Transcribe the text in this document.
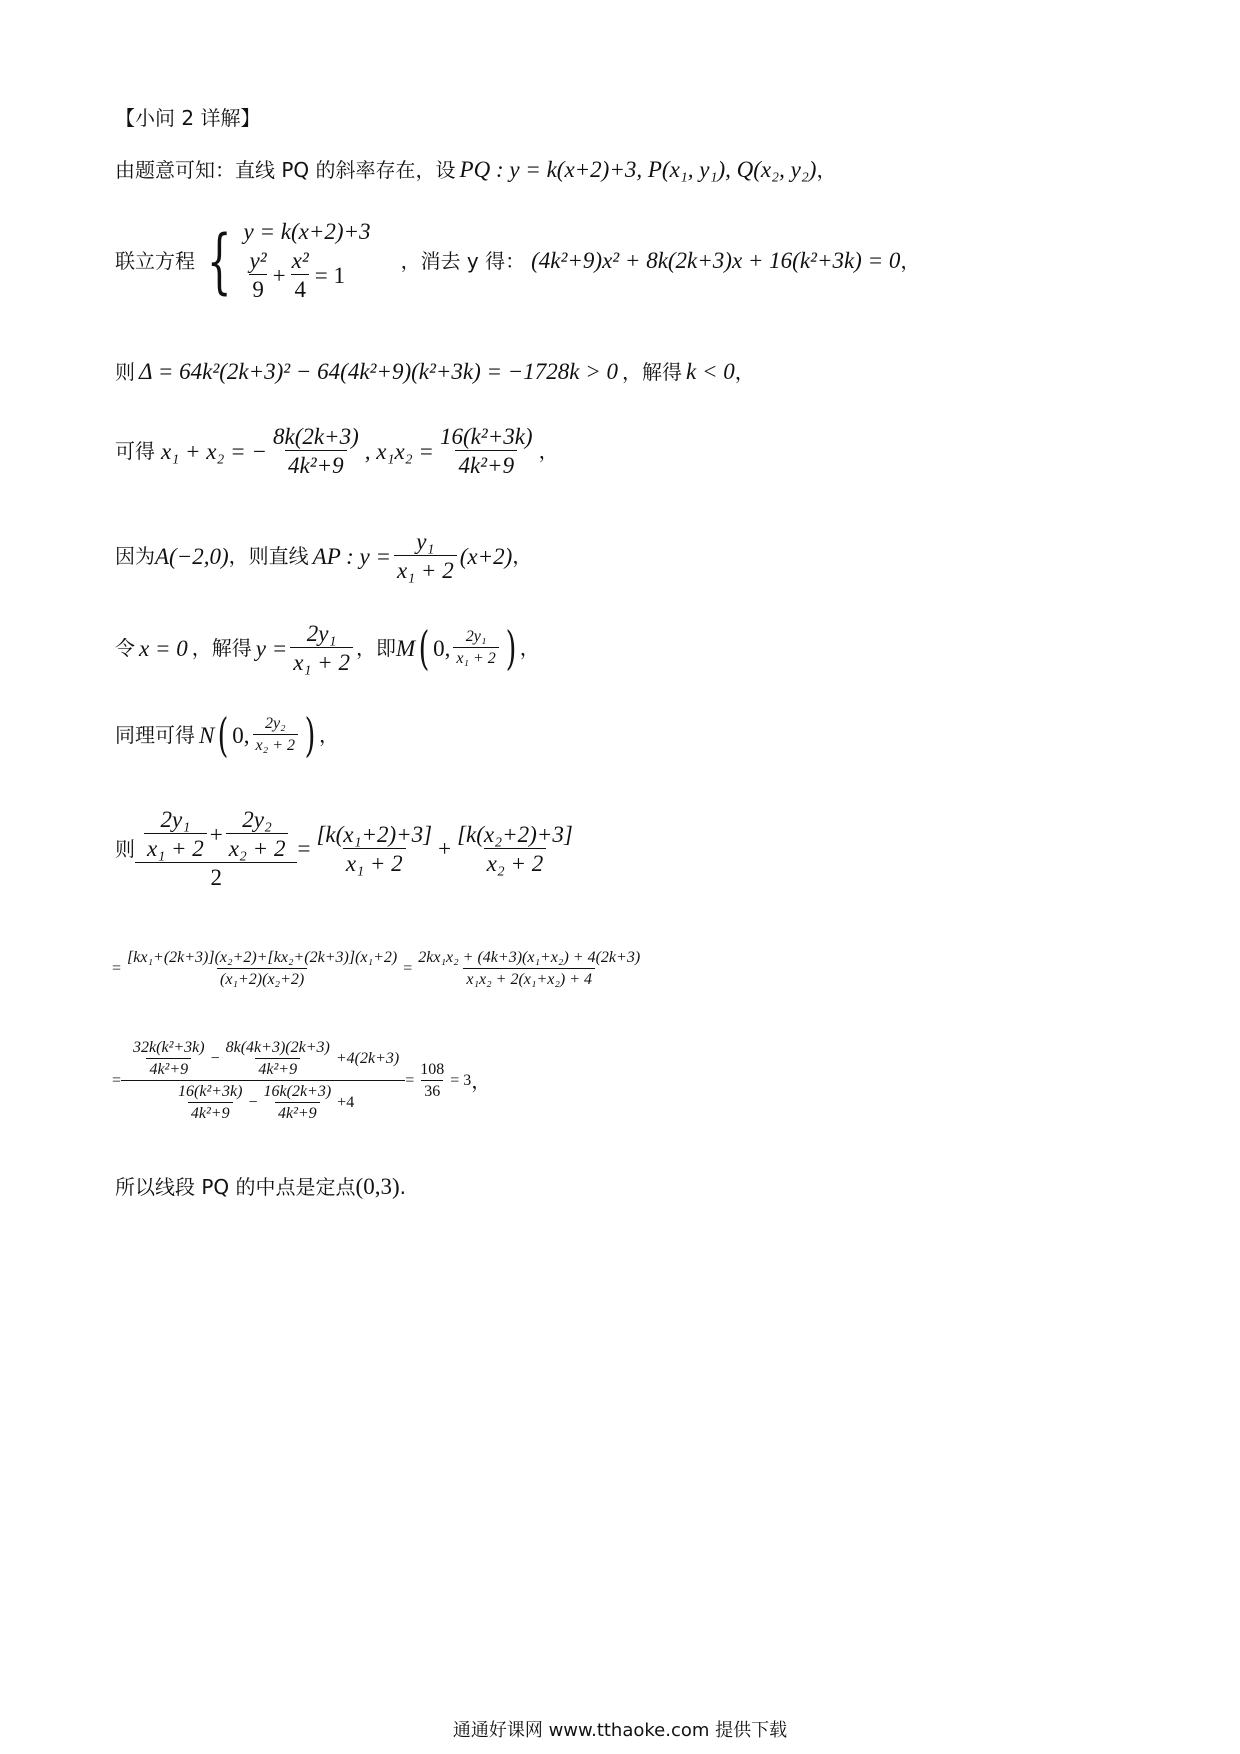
【小问 2 详解】
由题意可知：直线 PQ 的斜率存在，设 PQ : y = k(x+2)+3, P(x₁, y₁), Q(x₂, y₂) ，
联立方程 { y = k(x+2)+3
$\frac{\text{y²}}{9} + \frac{\text{x²}}{4} = 1$
，消去 y 得： (4k²+9)x² + 8k(2k+3)x + 16(k²+3k) = 0 ，
则 Δ = 64k²(2k+3)² − 64(4k²+9)(k²+3k) = −1728k > 0 ，解得 k < 0 ，
可得 x₁ + x₂ = − $\frac{8k(2k+3)}{\text{4k²+9}}$ , $x_1x_2 = \frac{\text{16(k²+3k)}}{\text{4k²+9}}$ ，
因为 A(−2,0) ，则直线 AP : $y = \frac{\text{y₁}}{\text{x₁ + 2}} (x+2)$ ，
令 x = 0 ，解得 $y = \frac{\text{2y₁}}{\text{x₁ + 2}}$ ，即 M ( 0, $\frac{\text{2y₁}}{\text{x₁ + 2}}$ ) ，
同理可得 N ( 0, $\frac{\text{2y₂}}{\text{x₂ + 2}}$ ) ，
则 $\frac{\frac{\text{2y₁}}{\text{x₁ + 2}} + \frac{\text{2y₂}}{\text{x₂ + 2}}}{2} = \frac{\text{[k(x₁+2)+3]}}{\text{x₁ + 2}} + \frac{\text{[k(x₂+2)+3]}}{\text{x₂ + 2}}$
= $\frac{\text{[kx₁+(2k+3)](x₂+2)+[kx₂+(2k+3)](x₁+2)}}{\text{(x₁+2)(x₂+2)}} = \frac{\text{2kx₁x₂ + (4k+3)(x₁+x₂) + 4(2k+3)}}{\text{x₁x₂ + 2(x₁+x₂) + 4}}$
=
$\frac{\text{32k(k²+3k)}}{\text{4k²+9}} - \frac{8k(4k+3)(2k+3)}{\text{4k²+9}} +4(2k+3)$
$\frac{\text{16(k²+3k)}}{\text{4k²+9}} - \frac{16k(2k+3)}{\text{4k²+9}} +4$
= $\frac{108}{36} = 3$ ，
所以线段 PQ 的中点是定点 (0,3) .
通通好课网 www.tthaoke.com 提供下载
